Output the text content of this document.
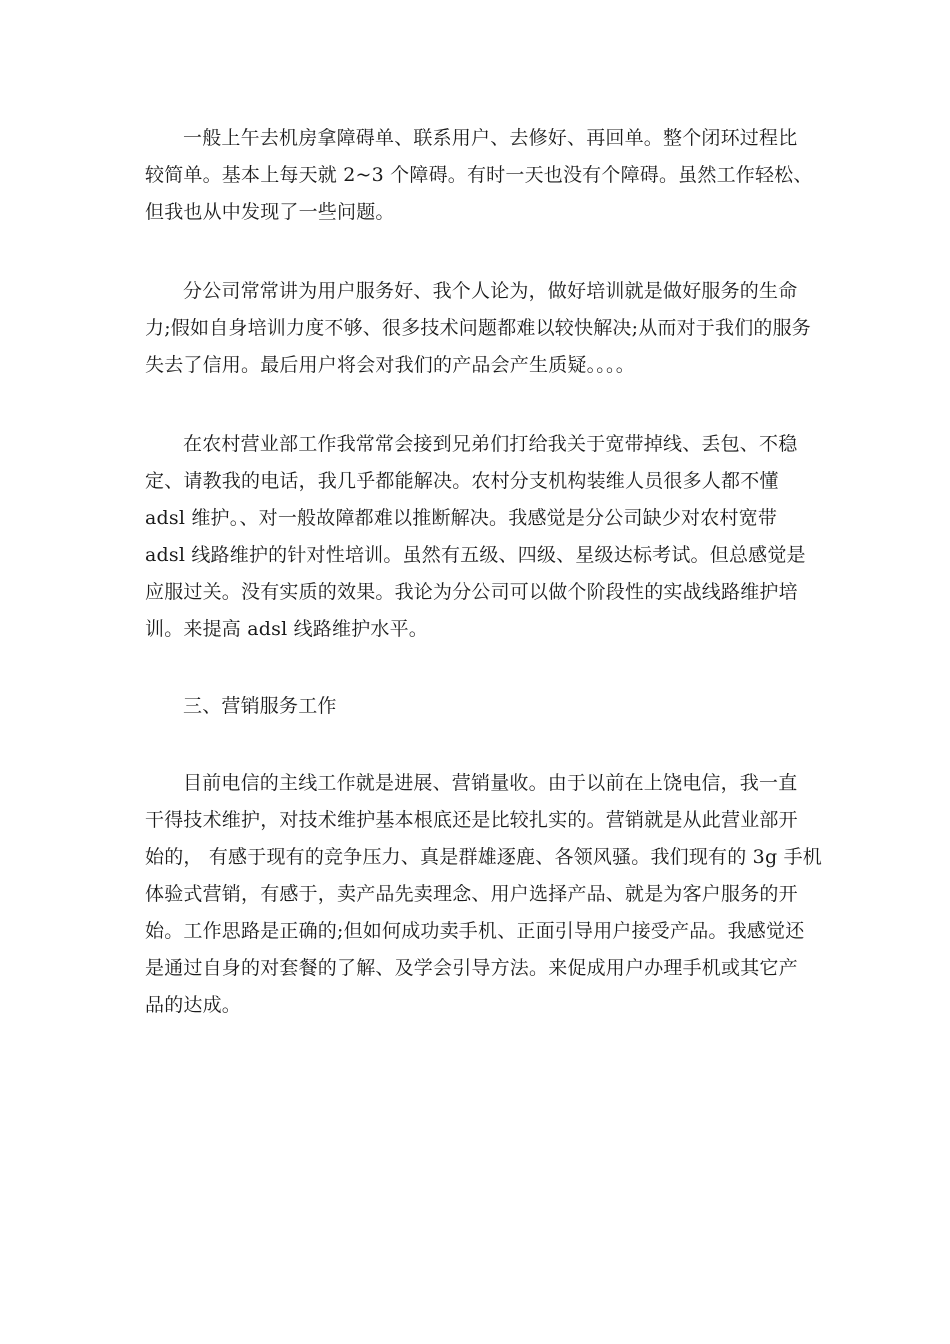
一般上午去机房拿障碍单、联系用户、去修好、再回单。整个闭环过程比
较简单。基本上每天就 2~3 个障碍。有时一天也没有个障碍。虽然工作轻松、
但我也从中发现了一些问题。
分公司常常讲为用户服务好、我个人论为，做好培训就是做好服务的生命
力;假如自身培训力度不够、很多技术问题都难以较快解决;从而对于我们的服务
失去了信用。最后用户将会对我们的产品会产生质疑。。。。
在农村营业部工作我常常会接到兄弟们打给我关于宽带掉线、丢包、不稳
定、请教我的电话，我几乎都能解决。农村分支机构装维人员很多人都不懂
adsl 维护。、对一般故障都难以推断解决。我感觉是分公司缺少对农村宽带
adsl 线路维护的针对性培训。虽然有五级、四级、星级达标考试。但总感觉是
应服过关。没有实质的效果。我论为分公司可以做个阶段性的实战线路维护培
训。来提高 adsl 线路维护水平。
三、营销服务工作
目前电信的主线工作就是进展、营销量收。由于以前在上饶电信，我一直
干得技术维护，对技术维护基本根底还是比较扎实的。营销就是从此营业部开
始的， 有感于现有的竞争压力、真是群雄逐鹿、各领风骚。我们现有的 3g 手机
体验式营销，有感于，卖产品先卖理念、用户选择产品、就是为客户服务的开
始。工作思路是正确的;但如何成功卖手机、正面引导用户接受产品。我感觉还
是通过自身的对套餐的了解、及学会引导方法。来促成用户办理手机或其它产
品的达成。
